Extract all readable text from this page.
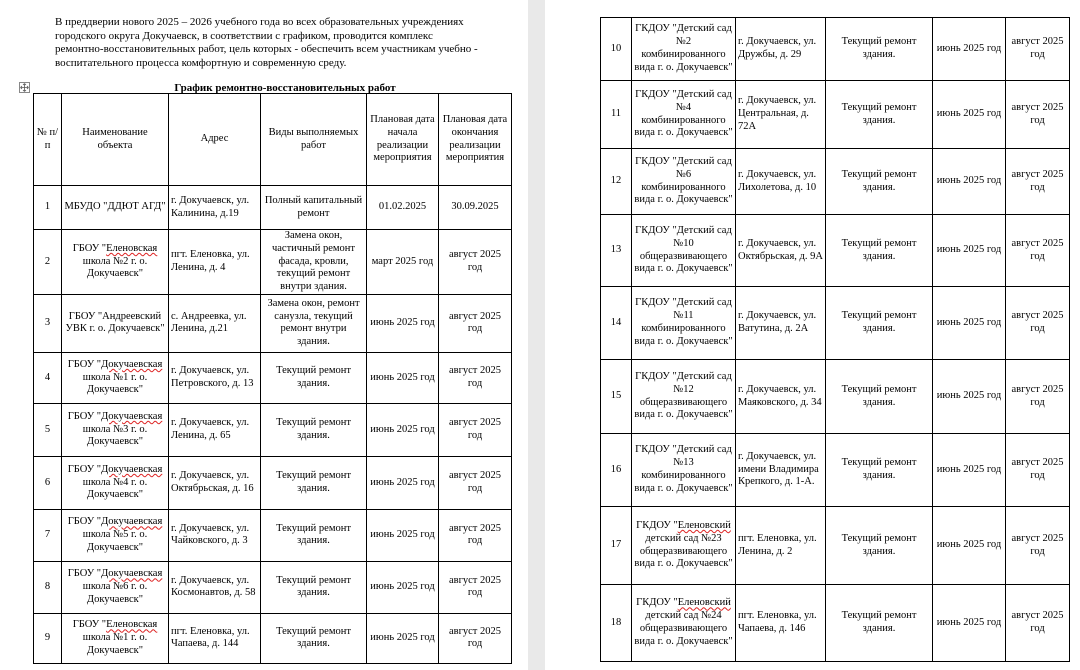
В преддверии нового 2025 – 2026 учебного года во всех образовательных учреждениях
городского округа Докучаевск, в соответствии с графиком, проводится комплекс
ремонтно-восстановительных работ, цель которых - обеспечить всем участникам учебно -
воспитательного процесса комфортную и современную среду.
График ремонтно-восстановительных работ
№ п/п	Наименование объекта	Адрес	Виды выполняемых работ	Плановая дата начала реализации мероприятия	Плановая дата окончания реализации мероприятия
1	МБУДО "ДДЮТ АГД"	г. Докучаевск, ул. Калинина, д.19	Полный капитальный ремонт	01.02.2025	30.09.2025
2	ГБОУ "Еленовская школа №2 г. о. Докучаевск"	пгт. Еленовка, ул. Ленина, д. 4	Замена окон, частичный ремонт фасада, кровли, текущий ремонт внутри здания.	март 2025 год	август 2025 год
3	ГБОУ "Андреевский УВК г. о. Докучаевск"	с. Андреевка, ул. Ленина, д.21	Замена окон, ремонт санузла, текущий ремонт внутри здания.	июнь 2025 год	август 2025 год
4	ГБОУ "Докучаевская школа №1 г. о. Докучаевск"	г. Докучаевск, ул. Петровского, д. 13	Текущий ремонт здания.	июнь 2025 год	август 2025 год
5	ГБОУ "Докучаевская школа №3 г. о. Докучаевск"	г. Докучаевск, ул. Ленина, д. 65	Текущий ремонт здания.	июнь 2025 год	август 2025 год
6	ГБОУ "Докучаевская школа №4 г. о. Докучаевск"	г. Докучаевск, ул. Октябрьская, д. 16	Текущий ремонт здания.	июнь 2025 год	август 2025 год
7	ГБОУ "Докучаевская школа №5 г. о. Докучаевск"	г. Докучаевск, ул. Чайковского, д. 3	Текущий ремонт здания.	июнь 2025 год	август 2025 год
8	ГБОУ "Докучаевская школа №6 г. о. Докучаевск"	г. Докучаевск, ул. Космонавтов, д. 58	Текущий ремонт здания.	июнь 2025 год	август 2025 год
9	ГБОУ "Еленовская школа №1 г. о. Докучаевск"	пгт. Еленовка, ул. Чапаева, д. 144	Текущий ремонт здания.	июнь 2025 год	август 2025 год
10	ГКДОУ "Детский сад №2 комбинированного вида г. о. Докучаевск"	г. Докучаевск, ул. Дружбы, д. 29	Текущий ремонт здания.	июнь 2025 год	август 2025 год
11	ГКДОУ "Детский сад №4 комбинированного вида г. о. Докучаевск"	г. Докучаевск, ул. Центральная, д. 72А	Текущий ремонт здания.	июнь 2025 год	август 2025 год
12	ГКДОУ "Детский сад №6 комбинированного вида г. о. Докучаевск"	г. Докучаевск, ул. Лихолетова, д. 10	Текущий ремонт здания.	июнь 2025 год	август 2025 год
13	ГКДОУ "Детский сад №10 общеразвивающего вида г. о. Докучаевск"	г. Докучаевск, ул. Октябрьская, д. 9А	Текущий ремонт здания.	июнь 2025 год	август 2025 год
14	ГКДОУ "Детский сад №11 комбинированного вида г. о. Докучаевск"	г. Докучаевск, ул. Ватутина, д. 2А	Текущий ремонт здания.	июнь 2025 год	август 2025 год
15	ГКДОУ "Детский сад №12 общеразвивающего вида г. о. Докучаевск"	г. Докучаевск, ул. Маяковского, д. 34	Текущий ремонт здания.	июнь 2025 год	август 2025 год
16	ГКДОУ "Детский сад №13 комбинированного вида г. о. Докучаевск"	г. Докучаевск, ул. имени Владимира Крепкого, д. 1-А.	Текущий ремонт здания.	июнь 2025 год	август 2025 год
17	ГКДОУ "Еленовский детский сад №23 общеразвивающего вида г. о. Докучаевск"	пгт. Еленовка, ул. Ленина, д. 2	Текущий ремонт здания.	июнь 2025 год	август 2025 год
18	ГКДОУ "Еленовский детский сад №24 общеразвивающего вида г. о. Докучаевск"	пгт. Еленовка, ул. Чапаева, д. 146	Текущий ремонт здания.	июнь 2025 год	август 2025 год
